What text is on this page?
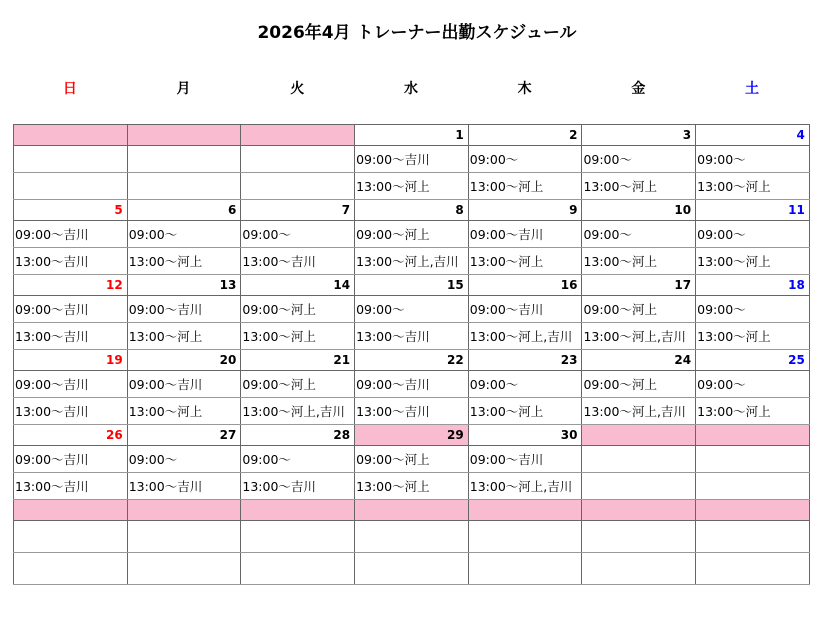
2026年4月 トレーナー出勤スケジュール
日	月	火	水	木	金	土
			1	2	3	4
			09:00〜吉川	09:00〜	09:00〜	09:00〜
			13:00〜河上	13:00〜河上	13:00〜河上	13:00〜河上
5	6	7	8	9	10	11
09:00〜吉川	09:00〜	09:00〜	09:00〜河上	09:00〜吉川	09:00〜	09:00〜
13:00〜吉川	13:00〜河上	13:00〜吉川	13:00〜河上,吉川	13:00〜河上	13:00〜河上	13:00〜河上
12	13	14	15	16	17	18
09:00〜吉川	09:00〜吉川	09:00〜河上	09:00〜	09:00〜吉川	09:00〜河上	09:00〜
13:00〜吉川	13:00〜河上	13:00〜河上	13:00〜吉川	13:00〜河上,吉川	13:00〜河上,吉川	13:00〜河上
19	20	21	22	23	24	25
09:00〜吉川	09:00〜吉川	09:00〜河上	09:00〜吉川	09:00〜	09:00〜河上	09:00〜
13:00〜吉川	13:00〜河上	13:00〜河上,吉川	13:00〜吉川	13:00〜河上	13:00〜河上,吉川	13:00〜河上
26	27	28	29	30		
09:00〜吉川	09:00〜	09:00〜	09:00〜河上	09:00〜吉川		
13:00〜吉川	13:00〜吉川	13:00〜吉川	13:00〜河上	13:00〜河上,吉川		
